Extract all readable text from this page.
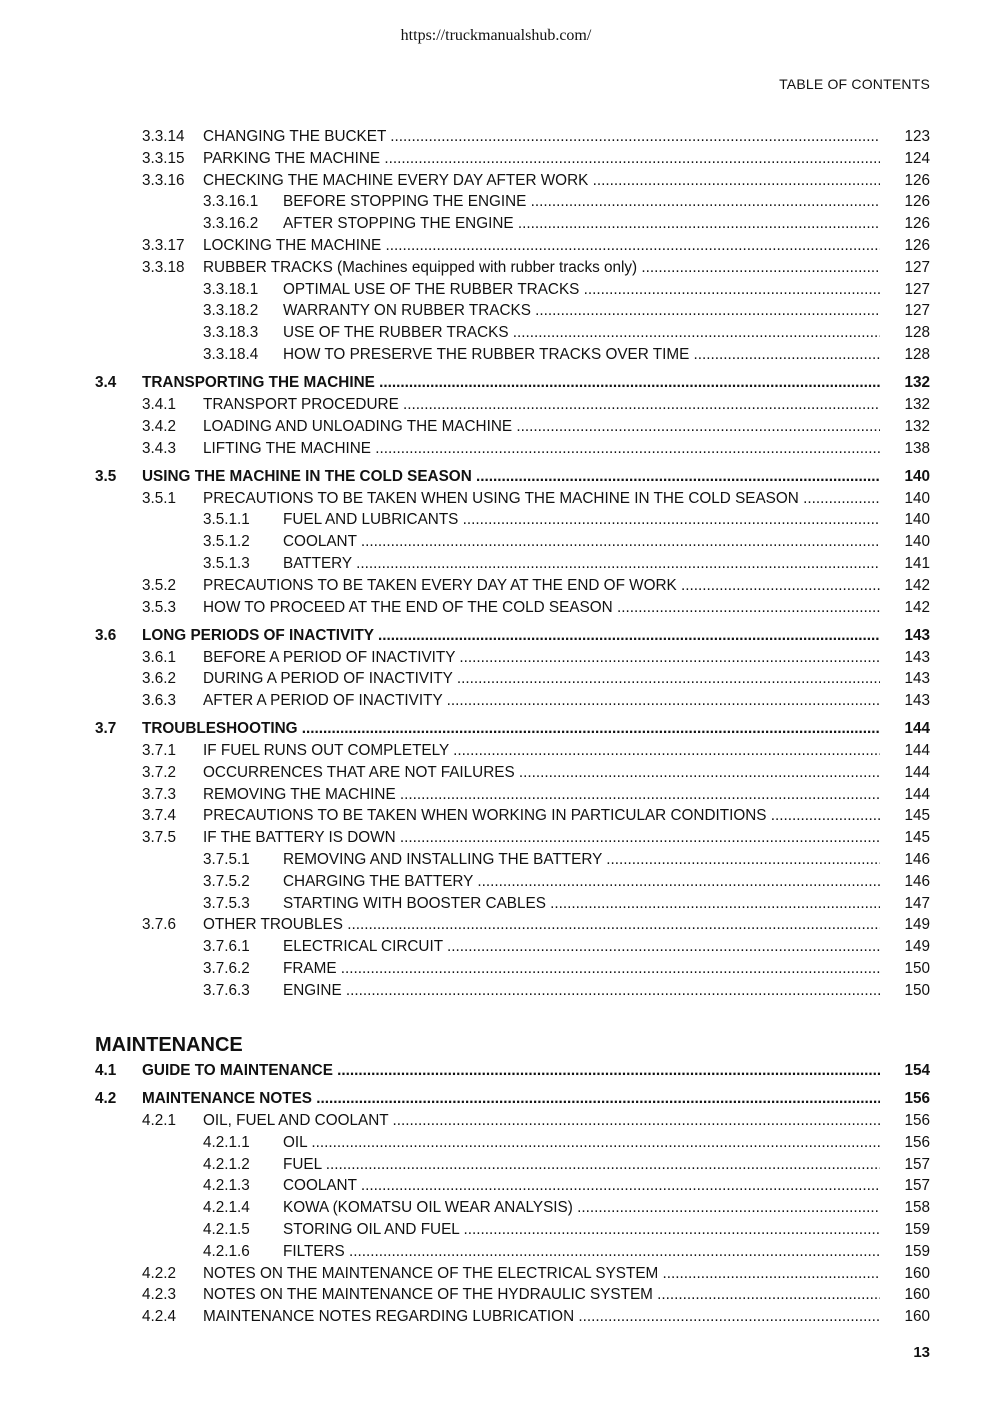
https://truckmanualshub.com/
TABLE OF CONTENTS
3.3.14 CHANGING THE BUCKET .....	123
3.3.15 PARKING THE MACHINE .....	124
3.3.16 CHECKING THE MACHINE EVERY DAY AFTER WORK .....	126
3.3.16.1 BEFORE STOPPING THE ENGINE .....	126
3.3.16.2 AFTER STOPPING THE ENGINE .....	126
3.3.17 LOCKING THE MACHINE .....	126
3.3.18 RUBBER TRACKS (Machines equipped with rubber tracks only) .....	127
3.3.18.1 OPTIMAL USE OF THE RUBBER TRACKS .....	127
3.3.18.2 WARRANTY ON RUBBER TRACKS .....	127
3.3.18.3 USE OF THE RUBBER TRACKS .....	128
3.3.18.4 HOW TO PRESERVE THE RUBBER TRACKS OVER TIME .....	128
3.4 TRANSPORTING THE MACHINE .....	132
3.4.1 TRANSPORT PROCEDURE .....	132
3.4.2 LOADING AND UNLOADING THE MACHINE .....	132
3.4.3 LIFTING THE MACHINE .....	138
3.5 USING THE MACHINE IN THE COLD SEASON .....	140
3.5.1 PRECAUTIONS TO BE TAKEN WHEN USING THE MACHINE IN THE COLD SEASON .....	140
3.5.1.1 FUEL AND LUBRICANTS .....	140
3.5.1.2 COOLANT .....	140
3.5.1.3 BATTERY .....	141
3.5.2 PRECAUTIONS TO BE TAKEN EVERY DAY AT THE END OF WORK .....	142
3.5.3 HOW TO PROCEED AT THE END OF THE COLD SEASON .....	142
3.6 LONG PERIODS OF INACTIVITY .....	143
3.6.1 BEFORE A PERIOD OF INACTIVITY .....	143
3.6.2 DURING A PERIOD OF INACTIVITY .....	143
3.6.3 AFTER A PERIOD OF INACTIVITY .....	143
3.7 TROUBLESHOOTING .....	144
3.7.1 IF FUEL RUNS OUT COMPLETELY .....	144
3.7.2 OCCURRENCES THAT ARE NOT FAILURES .....	144
3.7.3 REMOVING THE MACHINE .....	144
3.7.4 PRECAUTIONS TO BE TAKEN WHEN WORKING IN PARTICULAR CONDITIONS .....	145
3.7.5 IF THE BATTERY IS DOWN .....	145
3.7.5.1 REMOVING AND INSTALLING THE BATTERY .....	146
3.7.5.2 CHARGING THE BATTERY .....	146
3.7.5.3 STARTING WITH BOOSTER CABLES .....	147
3.7.6 OTHER TROUBLES .....	149
3.7.6.1 ELECTRICAL CIRCUIT .....	149
3.7.6.2 FRAME .....	150
3.7.6.3 ENGINE .....	150
MAINTENANCE
4.1 GUIDE TO MAINTENANCE .....	154
4.2 MAINTENANCE NOTES .....	156
4.2.1 OIL, FUEL AND COOLANT .....	156
4.2.1.1 OIL .....	156
4.2.1.2 FUEL .....	157
4.2.1.3 COOLANT .....	157
4.2.1.4 KOWA (KOMATSU OIL WEAR ANALYSIS) .....	158
4.2.1.5 STORING OIL AND FUEL .....	159
4.2.1.6 FILTERS .....	159
4.2.2 NOTES ON THE MAINTENANCE OF THE ELECTRICAL SYSTEM .....	160
4.2.3 NOTES ON THE MAINTENANCE OF THE HYDRAULIC SYSTEM .....	160
4.2.4 MAINTENANCE NOTES REGARDING LUBRICATION .....	160
13
